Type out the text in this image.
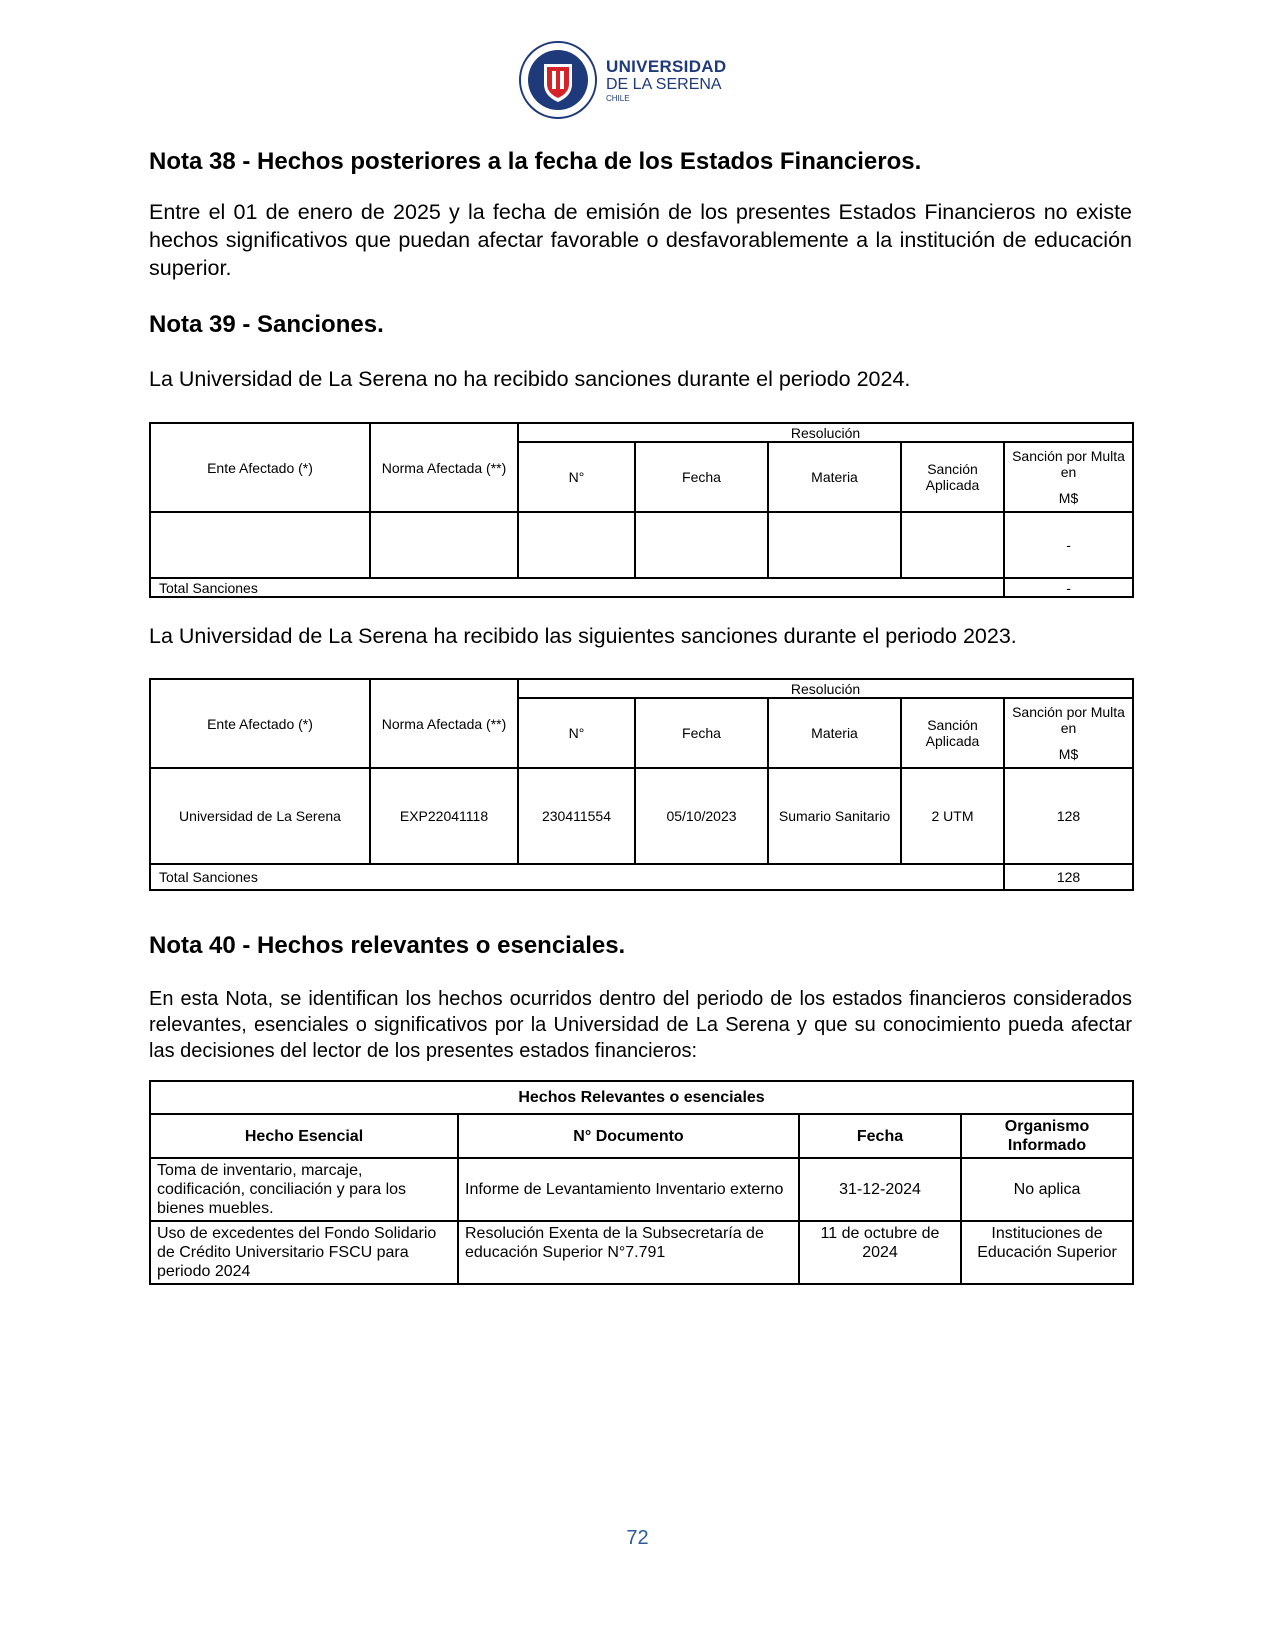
UNIVERSIDAD
DE LA SERENA
CHILE
Nota 38 - Hechos posteriores a la fecha de los Estados Financieros.

Entre el 01 de enero de 2025 y la fecha de emisión de los presentes Estados Financieros no existe hechos significativos que puedan afectar favorable o desfavorablemente a la institución de educación superior.

Nota 39 - Sanciones.

La Universidad de La Serena no ha recibido sanciones durante el periodo 2024.

Ente Afectado (*)	Norma Afectada (**)	Resolución				
		N°	Fecha	Materia	Sanción Aplicada	Sanción por Multa en
M$

						-
Total Sanciones						-

La Universidad de La Serena ha recibido las siguientes sanciones durante el periodo 2023.

Ente Afectado (*)	Norma Afectada (**)	Resolución				
		N°	Fecha	Materia	Sanción Aplicada	Sanción por Multa en
M$

Universidad de La Serena	EXP22041118	230411554	05/10/2023	Sumario Sanitario	2 UTM	128
Total Sanciones						128
Nota 40 - Hechos relevantes o esenciales.

En esta Nota, se identifican los hechos ocurridos dentro del periodo de los estados financieros considerados relevantes, esenciales o significativos por la Universidad de La Serena y que su conocimiento pueda afectar las decisiones del lector de los presentes estados financieros:

Hechos Relevantes o esenciales			
Hecho Esencial	N° Documento	Fecha	Organismo Informado
Toma de inventario, marcaje, codificación, conciliación y para los bienes muebles.	Informe de Levantamiento Inventario externo	31-12-2024	No aplica
Uso de excedentes del Fondo Solidario de Crédito Universitario FSCU para periodo 2024	Resolución Exenta de la Subsecretaría de educación Superior N°7.791	11 de octubre de 2024	Instituciones de Educación Superior
72
